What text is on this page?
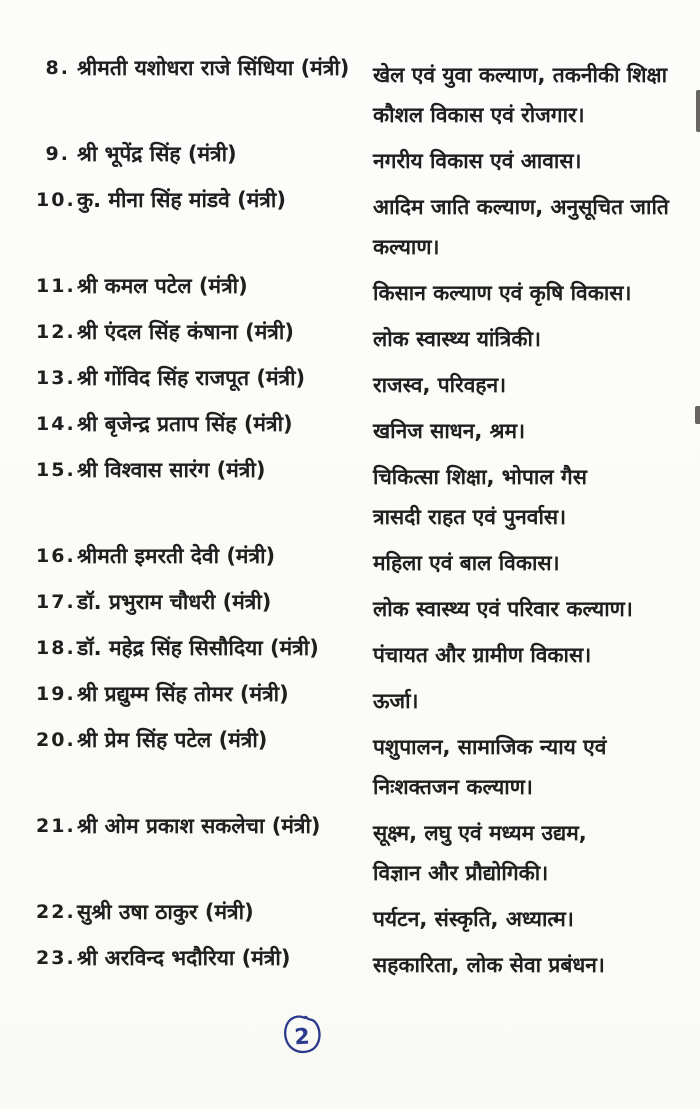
8. श्रीमती यशोधरा राजे सिंधिया (मंत्री)	खेल एवं युवा कल्याण, तकनीकी शिक्षा
कौशल विकास एवं रोजगार।
9. श्री भूपेंद्र सिंह (मंत्री)	नगरीय विकास एवं आवास।
10. कु. मीना सिंह मांडवे (मंत्री)	आदिम जाति कल्याण, अनुसूचित जाति
कल्याण।
11. श्री कमल पटेल (मंत्री)	किसान कल्याण एवं कृषि विकास।
12. श्री एंदल सिंह कंषाना (मंत्री)	लोक स्वास्थ्य यांत्रिकी।
13. श्री गोंविद सिंह राजपूत (मंत्री)	राजस्व, परिवहन।
14. श्री बृजेन्द्र प्रताप सिंह (मंत्री)	खनिज साधन, श्रम।
15. श्री विश्वास सारंग (मंत्री)	चिकित्सा शिक्षा, भोपाल गैस
त्रासदी राहत एवं पुनर्वास।
16. श्रीमती इमरती देवी (मंत्री)	महिला एवं बाल विकास।
17. डॉ. प्रभुराम चौधरी (मंत्री)	लोक स्वास्थ्य एवं परिवार कल्याण।
18. डॉ. महेद्र सिंह सिसौदिया (मंत्री)	पंचायत और ग्रामीण विकास।
19. श्री प्रद्युम्म सिंह तोमर (मंत्री)	ऊर्जा।
20. श्री प्रेम सिंह पटेल (मंत्री)	पशुपालन, सामाजिक न्याय एवं
निःशक्तजन कल्याण।
21. श्री ओम प्रकाश सकलेचा (मंत्री)	सूक्ष्म, लघु एवं मध्यम उद्यम,
विज्ञान और प्रौद्योगिकी।
22. सुश्री उषा ठाकुर (मंत्री)	पर्यटन, संस्कृति, अध्यात्म।
23. श्री अरविन्द भदौरिया (मंत्री)	सहकारिता, लोक सेवा प्रबंधन।
2
